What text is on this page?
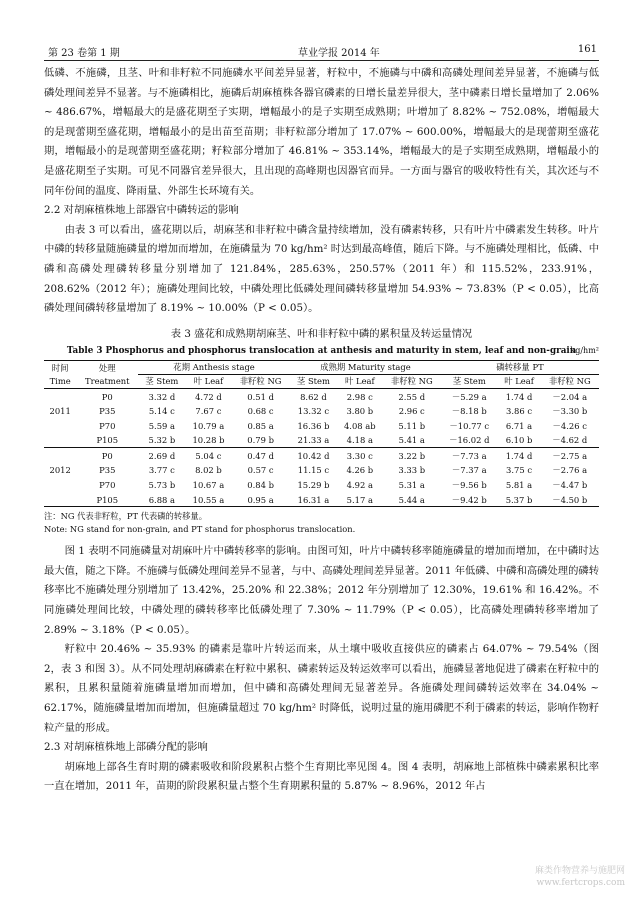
第 23 卷第 1 期	草业学报 2014 年	161

低磷、不施磷，且茎、叶和非籽粒不同施磷水平间差异显著，籽粒中，不施磷与中磷和高磷处理间差异显著，不施磷与低磷处理间差异不显著。与不施磷相比，施磷后胡麻植株各器官磷素的日增长量差异很大，茎中磷素日增长量增加了 2.06% ~ 486.67%，增幅最大的是盛花期至子实期，增幅最小的是子实期至成熟期；叶增加了 8.82% ~ 752.08%，增幅最大的是现蕾期至盛花期，增幅最小的是出苗至苗期；非籽粒部分增加了 17.07% ~ 600.00%，增幅最大的是现蕾期至盛花期，增幅最小的是现蕾期至盛花期；籽粒部分增加了 46.81% ~ 353.14%，增幅最大的是子实期至成熟期，增幅最小的是盛花期至子实期。可见不同器官差异很大，且出现的高峰期也因器官而异。一方面与器官的吸收特性有关，其次还与不同年份间的温度、降雨量、外部生长环境有关。

2.2 对胡麻植株地上部器官中磷转运的影响

由表 3 可以看出，盛花期以后，胡麻茎和非籽粒中磷含量持续增加，没有磷素转移，只有叶片中磷素发生转移。叶片中磷的转移量随施磷量的增加而增加，在施磷量为 70 kg/hm² 时达到最高峰值，随后下降。与不施磷处理相比，低磷、中磷和高磷处理磷转移量分别增加了 121.84%，285.63%，250.57%（2011 年）和 115.52%，233.91%，208.62%（2012 年）；施磷处理间比较，中磷处理比低磷处理间磷转移量增加 54.93% ~ 73.83%（P < 0.05），比高磷处理间磷转移量增加了 8.19% ~ 10.00%（P < 0.05）。

表 3 盛花和成熟期胡麻茎、叶和非籽粒中磷的累积量及转运量情况

Table 3 Phosphorus and phosphorus translocation at anthesis and maturity in stem, leaf and non-grain
kg/hm²
时间	处理	花期 Anthesis stage			成熟期 Maturity stage			磷转移量 PT		
Time	Treatment	茎 Stem	叶 Leaf	非籽粒 NG	茎 Stem	叶 Leaf	非籽粒 NG	茎 Stem	叶 Leaf	非籽粒 NG
	P0	3.32 d	4.72 d	0.51 d	8.62 d	2.98 c	2.55 d	－5.29 a	1.74 d	－2.04 a
2011	P35	5.14 c	7.67 c	0.68 c	13.32 c	3.80 b	2.96 c	－8.18 b	3.86 c	－3.30 b
	P70	5.59 a	10.79 a	0.85 a	16.36 b	4.08 ab	5.11 b	－10.77 c	6.71 a	－4.26 c
	P105	5.32 b	10.28 b	0.79 b	21.33 a	4.18 a	5.41 a	－16.02 d	6.10 b	－4.62 d
	P0	2.69 d	5.04 c	0.47 d	10.42 d	3.30 c	3.22 b	－7.73 a	1.74 d	－2.75 a
2012	P35	3.77 c	8.02 b	0.57 c	11.15 c	4.26 b	3.33 b	－7.37 a	3.75 c	－2.76 a
	P70	5.73 b	10.67 a	0.84 b	15.29 b	4.92 a	5.31 a	－9.56 b	5.81 a	－4.47 b
	P105	6.88 a	10.55 a	0.95 a	16.31 a	5.17 a	5.44 a	－9.42 b	5.37 b	－4.50 b

注：NG 代表非籽粒，PT 代表磷的转移量。

Note: NG stand for non-grain, and PT stand for phosphorus translocation.

图 1 表明不同施磷量对胡麻叶片中磷转移率的影响。由图可知，叶片中磷转移率随施磷量的增加而增加，在中磷时达最大值，随之下降。不施磷与低磷处理间差异不显著，与中、高磷处理间差异显著。2011 年低磷、中磷和高磷处理的磷转移率比不施磷处理分别增加了 13.42%，25.20% 和 22.38%；2012 年分别增加了 12.30%，19.61% 和 16.42%。不同施磷处理间比较，中磷处理的磷转移率比低磷处理了 7.30% ~ 11.79%（P < 0.05），比高磷处理磷转移率增加了 2.89% ~ 3.18%（P < 0.05）。

籽粒中 20.46% ~ 35.93% 的磷素是靠叶片转运而来，从土壤中吸收直接供应的磷素占 64.07% ~ 79.54%（图 2，表 3 和图 3）。从不同处理胡麻磷素在籽粒中累积、磷素转运及转运效率可以看出，施磷显著地促进了磷素在籽粒中的累积，且累积量随着施磷量增加而增加，但中磷和高磷处理间无显著差异。各施磷处理间磷转运效率在 34.04% ~ 62.17%，随施磷量增加而增加，但施磷量超过 70 kg/hm² 时降低，说明过量的施用磷肥不利于磷素的转运，影响作物籽粒产量的形成。

2.3 对胡麻植株地上部磷分配的影响

胡麻地上部各生育时期的磷素吸收和阶段累积占整个生育期比率见图 4。图 4 表明，胡麻地上部植株中磷素累积比率一直在增加，2011 年，苗期的阶段累积量占整个生育期累积量的 5.87% ~ 8.96%，2012 年占

麻类作物营养与施肥网
www.fertcrops.com
